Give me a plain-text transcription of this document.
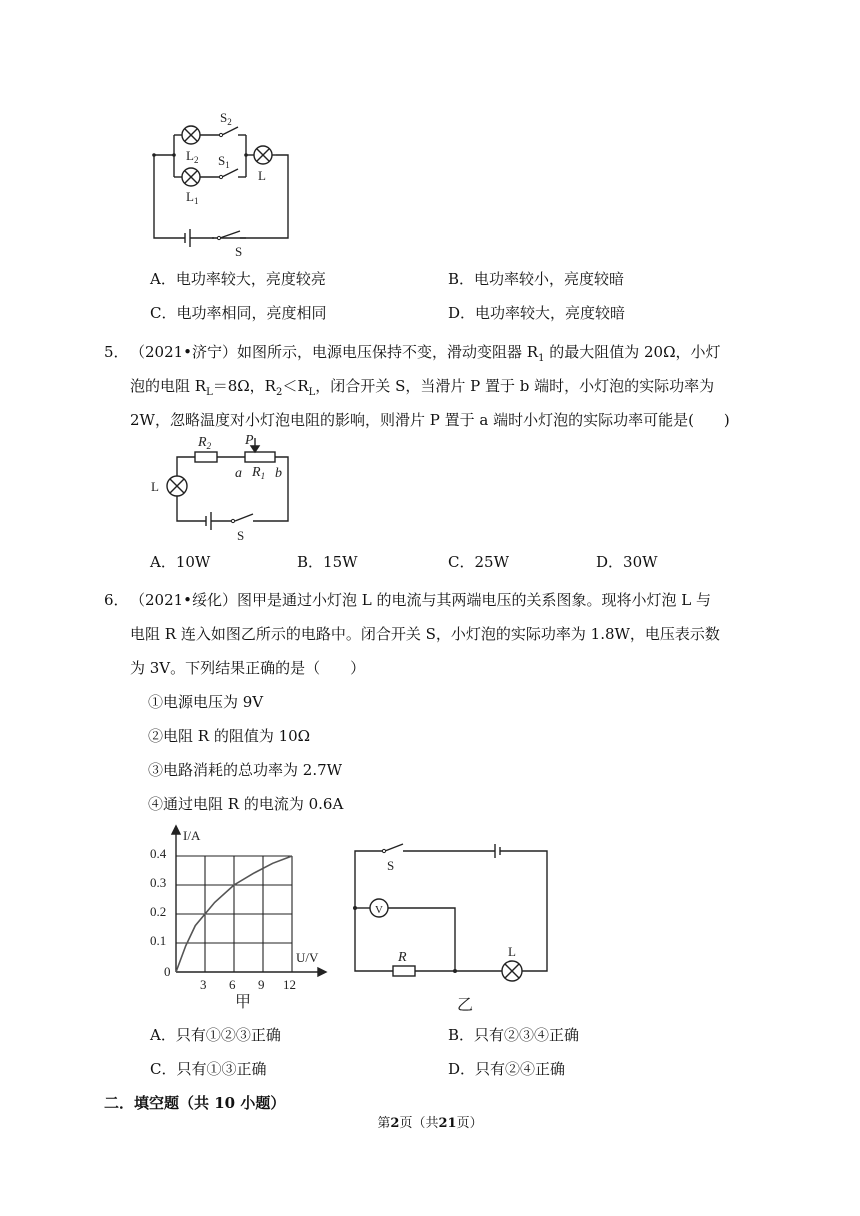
$S_2$
$L_2$ $S_1$
L
$L_1$
S
A．电功率较大，亮度较亮	B．电功率较小，亮度较暗
C．电功率相同，亮度相同	D．电功率较大，亮度较暗
5． （2021•济宁）如图所示，电源电压保持不变，滑动变阻器 $R_1$ 的最大阻值为 20Ω，小灯
泡的电阻 $R_L=8\Omega$，$R_2<R_L$，闭合开关 S，当滑片 P 置于 b 端时，小灯泡的实际功率为
2W，忽略温度对小灯泡电阻的影响，则滑片 P 置于 a 端时小灯泡的实际功率可能是(　　)
$R_2$ P
a $R_1$ b
L
S
A．10W	B．15W	C．25W	D．30W
6． （2021•绥化）图甲是通过小灯泡 L 的电流与其两端电压的关系图象。现将小灯泡 L 与
电阻 R 连入如图乙所示的电路中。闭合开关 S，小灯泡的实际功率为 1.8W，电压表示数
为 3V。下列结果正确的是（　　）
①电源电压为 9V
②电阻 R 的阻值为 10Ω
③电路消耗的总功率为 2.7W
④通过电阻 R 的电流为 0.6A
I/A
U/V
0
0.4
0.3
0.2
0.1
3 6 9 12
甲
S
V
R	L
乙
A．只有①②③正确	B．只有②③④正确
C．只有①③正确	D．只有②④正确
二．填空题（共 10 小题）
第2页（共21页）
